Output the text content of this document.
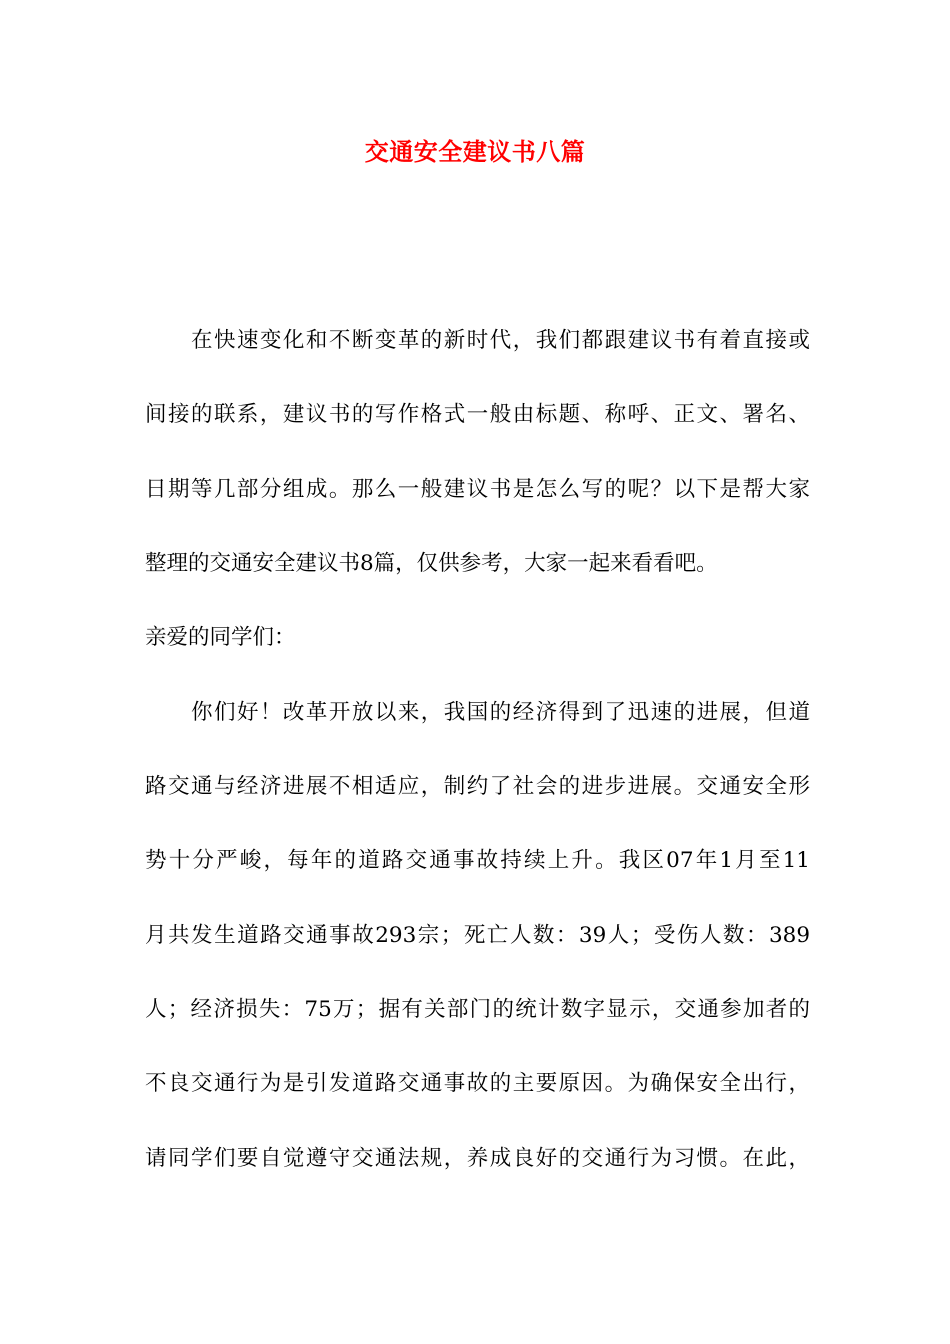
交通安全建议书八篇
在快速变化和不断变革的新时代，我们都跟建议书有着直接或
间接的联系，建议书的写作格式一般由标题、称呼、正文、署名、
日期等几部分组成。那么一般建议书是怎么写的呢？以下是帮大家
整理的交通安全建议书8篇，仅供参考，大家一起来看看吧。
亲爱的同学们：
你们好！改革开放以来，我国的经济得到了迅速的进展，但道
路交通与经济进展不相适应，制约了社会的进步进展。交通安全形
势十分严峻，每年的道路交通事故持续上升。我区07年1月至11
月共发生道路交通事故293宗；死亡人数：39人；受伤人数：389
人；经济损失：75万；据有关部门的统计数字显示，交通参加者的
不良交通行为是引发道路交通事故的主要原因。为确保安全出行，
请同学们要自觉遵守交通法规，养成良好的交通行为习惯。在此，
